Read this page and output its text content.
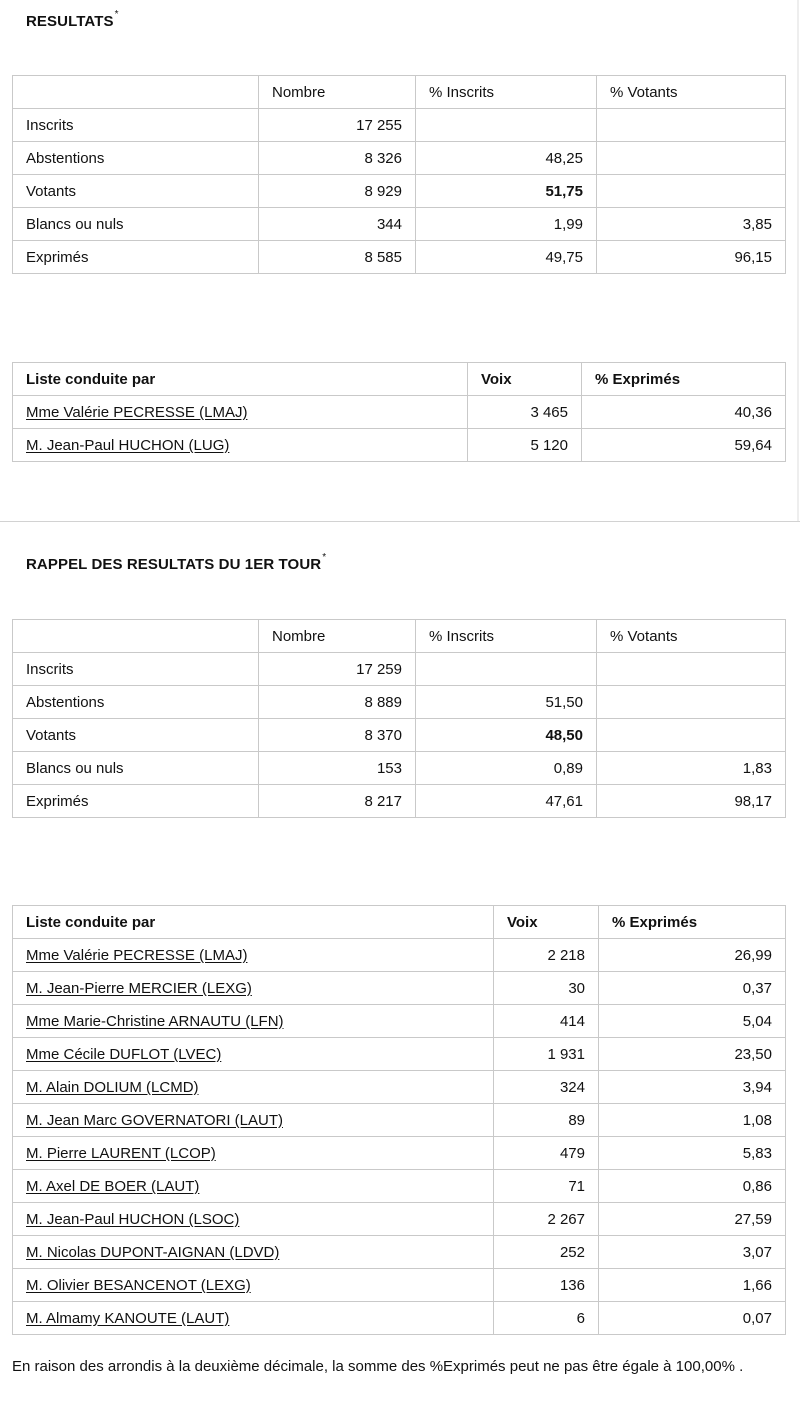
RESULTATS*
	Nombre	% Inscrits	% Votants
Inscrits	17 255		
Abstentions	8 326	48,25	
Votants	8 929	51,75	
Blancs ou nuls	344	1,99	3,85
Exprimés	8 585	49,75	96,15
Liste conduite par	Voix	% Exprimés
Mme Valérie PECRESSE (LMAJ)	3 465	40,36
M. Jean-Paul HUCHON (LUG)	5 120	59,64
RAPPEL DES RESULTATS DU 1ER TOUR*
	Nombre	% Inscrits	% Votants
Inscrits	17 259		
Abstentions	8 889	51,50	
Votants	8 370	48,50	
Blancs ou nuls	153	0,89	1,83
Exprimés	8 217	47,61	98,17
Liste conduite par	Voix	% Exprimés
Mme Valérie PECRESSE (LMAJ)	2 218	26,99
M. Jean-Pierre MERCIER (LEXG)	30	0,37
Mme Marie-Christine ARNAUTU (LFN)	414	5,04
Mme Cécile DUFLOT (LVEC)	1 931	23,50
M. Alain DOLIUM (LCMD)	324	3,94
M. Jean Marc GOVERNATORI (LAUT)	89	1,08
M. Pierre LAURENT (LCOP)	479	5,83
M. Axel DE BOER (LAUT)	71	0,86
M. Jean-Paul HUCHON (LSOC)	2 267	27,59
M. Nicolas DUPONT-AIGNAN (LDVD)	252	3,07
M. Olivier BESANCENOT (LEXG)	136	1,66
M. Almamy KANOUTE (LAUT)	6	0,07

En raison des arrondis à la deuxième décimale, la somme des %Exprimés peut ne pas être égale à 100,00% .
